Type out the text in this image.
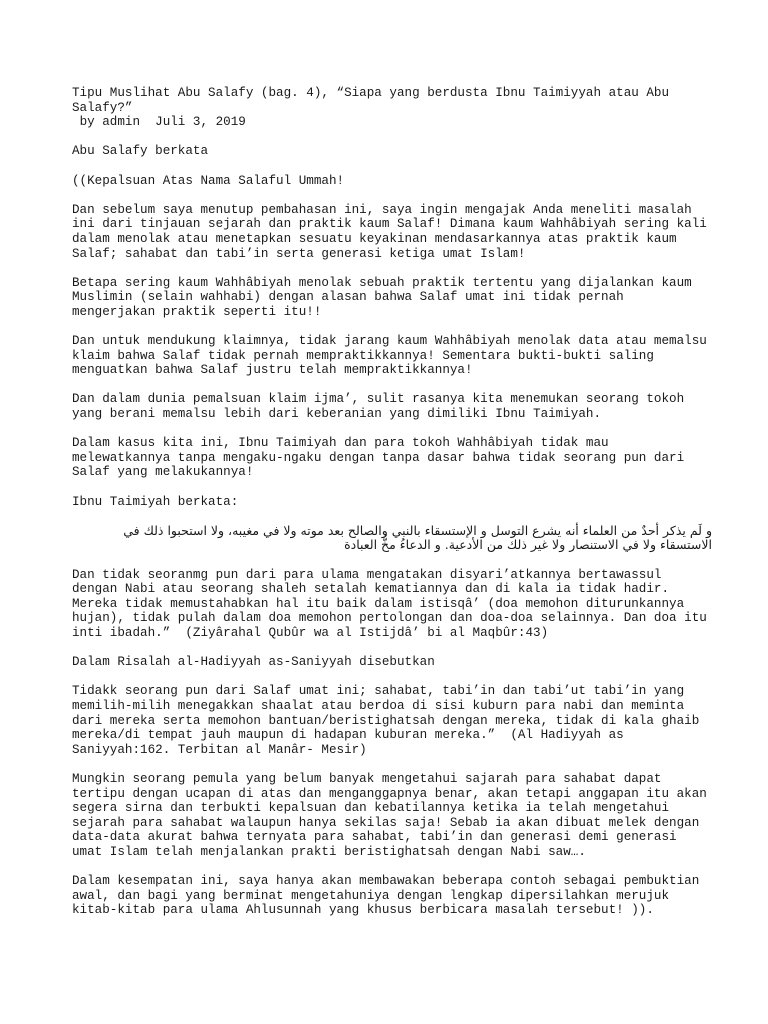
Tipu Muslihat Abu Salafy (bag. 4), “Siapa yang berdusta Ibnu Taimiyyah atau Abu Salafy?”
by admin  Juli 3, 2019
Abu Salafy berkata
((Kepalsuan Atas Nama Salaful Ummah!
Dan sebelum saya menutup pembahasan ini, saya ingin mengajak Anda meneliti masalah ini dari tinjauan sejarah dan praktik kaum Salaf! Dimana kaum Wahhâbiyah sering kali dalam menolak atau menetapkan sesuatu keyakinan mendasarkannya atas praktik kaum Salaf; sahabat dan tabi’in serta generasi ketiga umat Islam!
Betapa sering kaum Wahhâbiyah menolak sebuah praktik tertentu yang dijalankan kaum Muslimin (selain wahhabi) dengan alasan bahwa Salaf umat ini tidak pernah mengerjakan praktik seperti itu!!
Dan untuk mendukung klaimnya, tidak jarang kaum Wahhâbiyah menolak data atau memalsu klaim bahwa Salaf tidak pernah mempraktikkannya! Sementara bukti-bukti saling menguatkan bahwa Salaf justru telah mempraktikkannya!
Dan dalam dunia pemalsuan klaim ijma’, sulit rasanya kita menemukan seorang tokoh yang berani memalsu lebih dari keberanian yang dimiliki Ibnu Taimiyah.
Dalam kasus kita ini, Ibnu Taimiyah dan para tokoh Wahhâbiyah tidak mau melewatkannya tanpa mengaku-ngaku dengan tanpa dasar bahwa tidak seorang pun dari Salaf yang melakukannya!
Ibnu Taimiyah berkata:
و لَم يذكر أحدٌ من العلماء أنه يشرع التوسل و الإستسقاء بالنبي والصالح بعد موته ولا في مغيبه، ولا استحبوا ذلك في الاستسقاء ولا في الاستنصار ولا غير ذلك من الأدعية. و الدعاءُ مخُّ العبادة
Dan tidak seoranmg pun dari para ulama mengatakan disyari’atkannya bertawassul dengan Nabi atau seorang shaleh setalah kematiannya dan di kala ia tidak hadir. Mereka tidak memustahabkan hal itu baik dalam istisqâ’ (doa memohon diturunkannya hujan), tidak pulah dalam doa memohon pertolongan dan doa-doa selainnya. Dan doa itu inti ibadah.”  (Ziyârahal Qubûr wa al Istijdâ’ bi al Maqbûr:43)
Dalam Risalah al-Hadiyyah as-Saniyyah disebutkan
Tidakk seorang pun dari Salaf umat ini; sahabat, tabi’in dan tabi’ut tabi’in yang memilih-milih menegakkan shaalat atau berdoa di sisi kuburn para nabi dan meminta dari mereka serta memohon bantuan/beristighatsah dengan mereka, tidak di kala ghaib mereka/di tempat jauh maupun di hadapan kuburan mereka.”  (Al Hadiyyah as Saniyyah:162. Terbitan al Manâr- Mesir)
Mungkin seorang pemula yang belum banyak mengetahui sajarah para sahabat dapat tertipu dengan ucapan di atas dan menganggapnya benar, akan tetapi anggapan itu akan segera sirna dan terbukti kepalsuan dan kebatilannya ketika ia telah mengetahui sejarah para sahabat walaupun hanya sekilas saja! Sebab ia akan dibuat melek dengan data-data akurat bahwa ternyata para sahabat, tabi’in dan generasi demi generasi umat Islam telah menjalankan prakti beristighatsah dengan Nabi saw….
Dalam kesempatan ini, saya hanya akan membawakan beberapa contoh sebagai pembuktian awal, dan bagi yang berminat mengetahuniya dengan lengkap dipersilahkan merujuk kitab-kitab para ulama Ahlusunnah yang khusus berbicara masalah tersebut! )).
